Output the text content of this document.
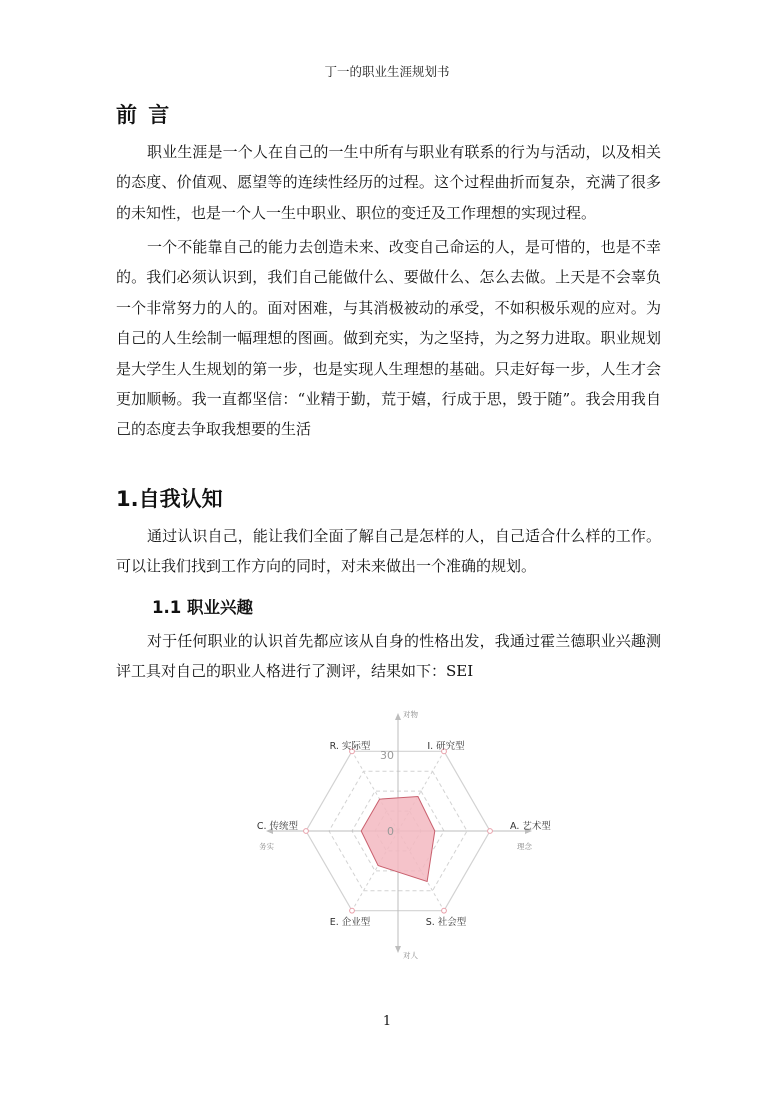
丁一的职业生涯规划书
前 言
职业生涯是一个人在自己的一生中所有与职业有联系的行为与活动，以及相关的态度、价值观、愿望等的连续性经历的过程。这个过程曲折而复杂，充满了很多的未知性，也是一个人一生中职业、职位的变迁及工作理想的实现过程。
一个不能靠自己的能力去创造未来、改变自己命运的人，是可惜的，也是不幸的。我们必须认识到，我们自己能做什么、要做什么、怎么去做。上天是不会辜负一个非常努力的人的。面对困难，与其消极被动的承受，不如积极乐观的应对。为自己的人生绘制一幅理想的图画。做到充实，为之坚持，为之努力进取。职业规划是大学生人生规划的第一步，也是实现人生理想的基础。只走好每一步，人生才会更加顺畅。我一直都坚信：“业精于勤，荒于嬉，行成于思，毁于随”。我会用我自己的态度去争取我想要的生活
1.自我认知
通过认识自己，能让我们全面了解自己是怎样的人，自己适合什么样的工作。可以让我们找到工作方向的同时，对未来做出一个准确的规划。
1.1 职业兴趣
对于任何职业的认识首先都应该从自身的性格出发，我通过霍兰德职业兴趣测评工具对自己的职业人格进行了测评，结果如下：SEI
0
30
I. 研究型
A. 艺术型
S. 社会型
E. 企业型
C. 传统型
R. 实际型
对物
对人
务实	理念
1
